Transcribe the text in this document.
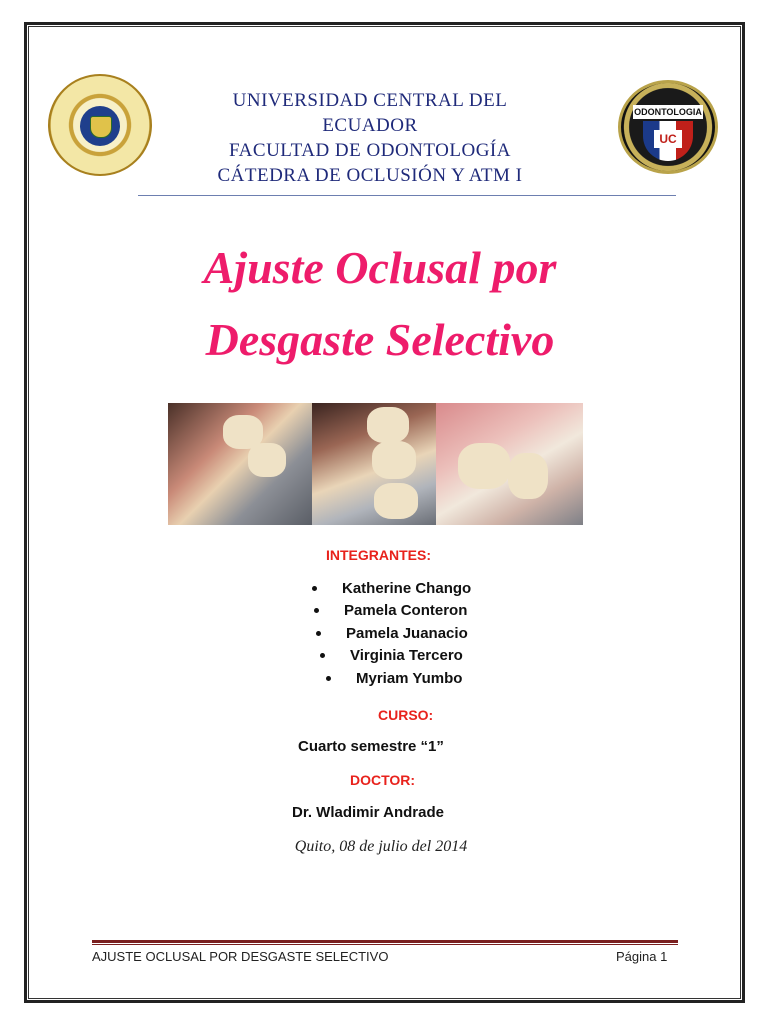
ODONTOLOGIA
UC
UNIVERSIDAD CENTRAL DEL
ECUADOR
FACULTAD DE ODONTOLOGÍA
CÁTEDRA DE OCLUSIÓN Y ATM I
Ajuste Oclusal por
Desgaste Selectivo
INTEGRANTES:
Katherine Chango
Pamela Conteron
Pamela Juanacio
Virginia Tercero
Myriam Yumbo
CURSO:
Cuarto semestre “1”
DOCTOR:
Dr. Wladimir Andrade
Quito, 08 de julio del 2014
AJUSTE OCLUSAL POR DESGASTE SELECTIVO	Página 1
